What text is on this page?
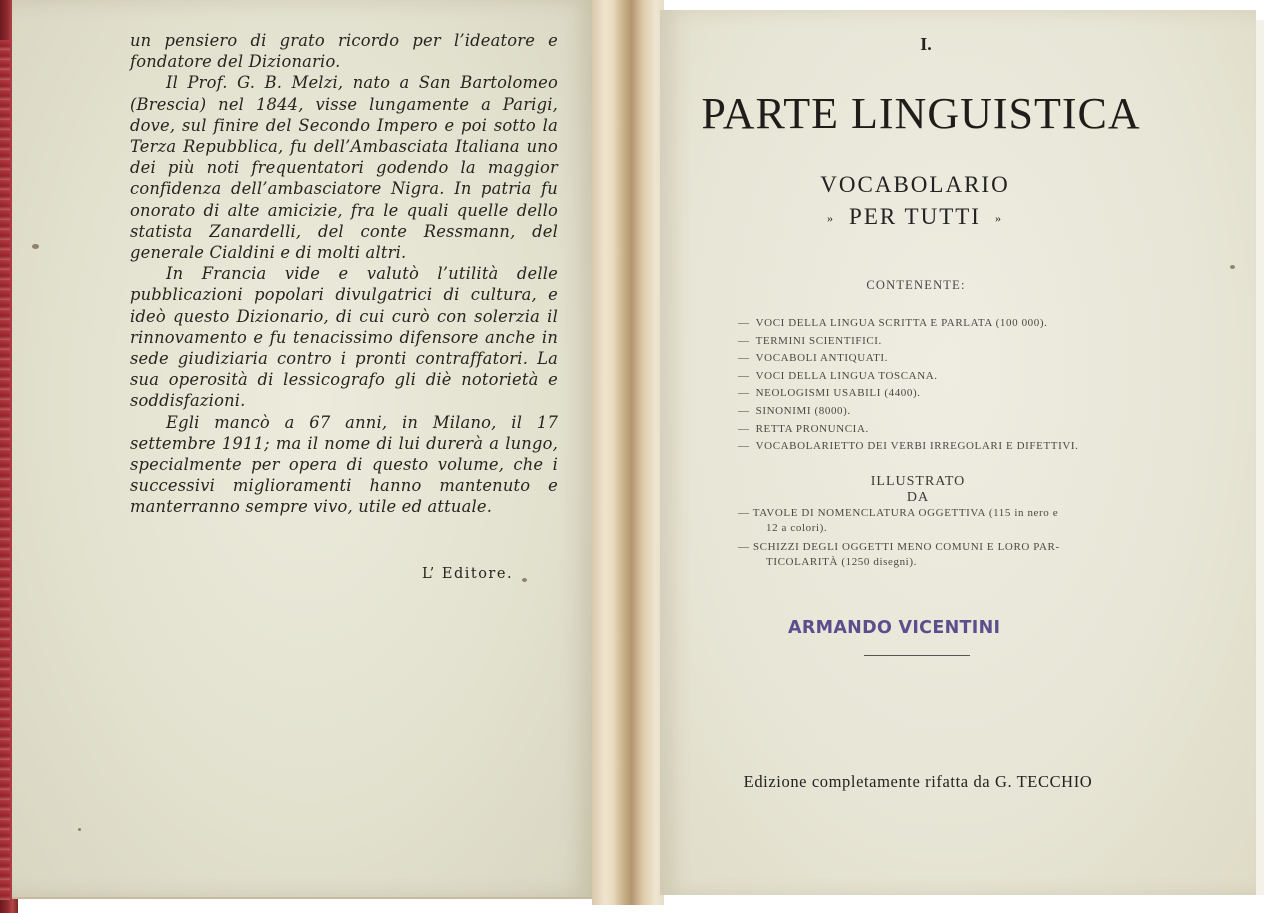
un pensiero di grato ricordo per l’ideatore e fondatore del Dizionario.

Il Prof. G. B. Melzi, nato a San Bartolomeo (Brescia) nel 1844, visse lungamente a Parigi, dove, sul finire del Secondo Impero e poi sotto la Terza Repubblica, fu dell’Ambasciata Italiana uno dei più noti frequentatori godendo la maggior confidenza dell’ambasciatore Nigra. In patria fu onorato di alte amicizie, fra le quali quelle dello statista Zanardelli, del conte Ressmann, del generale Cialdini e di molti altri.

In Francia vide e valutò l’utilità delle pubblicazioni popolari divulgatrici di cultura, e ideò questo Dizionario, di cui curò con solerzia il rinnovamento e fu tenacissimo difensore anche in sede giudiziaria contro i pronti contraffatori. La sua operosità di lessicografo gli diè notorietà e soddisfazioni.

Egli mancò a 67 anni, in Milano, il 17 settembre 1911; ma il nome di lui durerà a lungo, specialmente per opera di questo volume, che i successivi miglioramenti hanno mantenuto e manterranno sempre vivo, utile ed attuale.

L’ Editore.
I.
PARTE LINGUISTICA
VOCABOLARIO
» PER TUTTI »
CONTENENTE:
— VOCI DELLA LINGUA SCRITTA E PARLATA (100 000).
— TERMINI SCIENTIFICI.
— VOCABOLI ANTIQUATI.
— VOCI DELLA LINGUA TOSCANA.
— NEOLOGISMI USABILI (4400).
— SINONIMI (8000).
— RETTA PRONUNCIA.
— VOCABOLARIETTO DEI VERBI IRREGOLARI E DIFETTIVI.
ILLUSTRATO DA
— TAVOLE DI NOMENCLATURA OGGETTIVA (115 in nero e
12 a colori).
— SCHIZZI DEGLI OGGETTI MENO COMUNI E LORO PAR-
TICOLARITÀ (1250 disegni).
ARMANDO VICENTINI
Edizione completamente rifatta da G. TECCHIO
